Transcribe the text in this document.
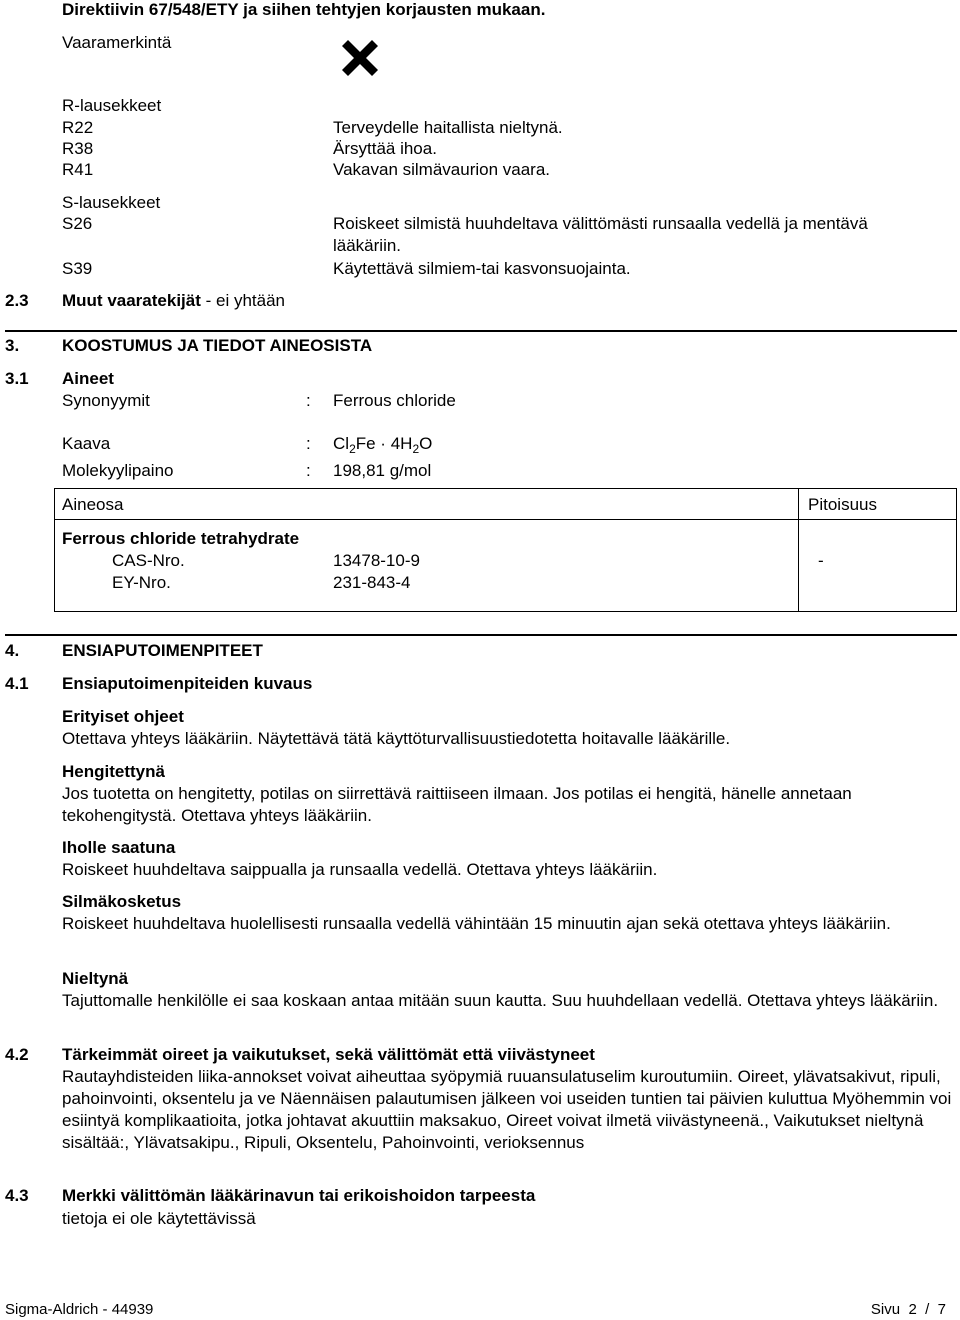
Direktiivin 67/548/ETY ja siihen tehtyjen korjausten mukaan.
Vaaramerkintä
R-lausekkeet
R22	Terveydelle haitallista nieltynä.
R38	Ärsyttää ihoa.
R41	Vakavan silmävaurion vaara.
S-lausekkeet
S26	Roiskeet silmistä huuhdeltava välittömästi runsaalla vedellä ja mentävä
lääkäriin.
S39	Käytettävä silmiem-tai kasvonsuojainta.
2.3 Muut vaaratekijät - ei yhtään
3.	KOOSTUMUS JA TIEDOT AINEOSISTA
3.1 Aineet
Synonyymit	: Ferrous chloride
Kaava	: $Cl_2Fe \cdot 4H_2O$
Molekyylipaino	: 198,81 g/mol
Aineosa	Pitoisuus
Ferrous chloride tetrahydrate
CAS-Nro.	13478-10-9	-
EY-Nro.	231-843-4
4.	ENSIAPUTOIMENPITEET
4.1 Ensiaputoimenpiteiden kuvaus
Erityiset ohjeet
Otettava yhteys lääkäriin. Näytettävä tätä käyttöturvallisuustiedotetta hoitavalle lääkärille.
Hengitettynä
Jos tuotetta on hengitetty, potilas on siirrettävä raittiiseen ilmaan. Jos potilas ei hengitä, hänelle annetaan tekohengitystä. Otettava yhteys lääkäriin.
Iholle saatuna
Roiskeet huuhdeltava saippualla ja runsaalla vedellä. Otettava yhteys lääkäriin.
Silmäkosketus
Roiskeet huuhdeltava huolellisesti runsaalla vedellä vähintään 15 minuutin ajan sekä otettava yhteys lääkäriin.
Nieltynä
Tajuttomalle henkilölle ei saa koskaan antaa mitään suun kautta. Suu huuhdellaan vedellä. Otettava yhteys lääkäriin.
4.2 Tärkeimmät oireet ja vaikutukset, sekä välittömät että viivästyneet
Rautayhdisteiden liika-annokset voivat aiheuttaa syöpymiä ruuansulatuselim kuroutumiin. Oireet, ylävatsakivut, ripuli, pahoinvointi, oksentelu ja ve Näennäisen palautumisen jälkeen voi useiden tuntien tai päivien kuluttua Myöhemmin voi esiintyä komplikaatioita, jotka johtavat akuuttiin maksakuo, Oireet voivat ilmetä viivästyneenä., Vaikutukset nieltynä sisältää:, Ylävatsakipu., Ripuli, Oksentelu, Pahoinvointi, verioksennus
4.3 Merkki välittömän lääkärinavun tai erikoishoidon tarpeesta
tietoja ei ole käytettävissä
Sigma-Aldrich - 44939	Sivu 2 / 7
